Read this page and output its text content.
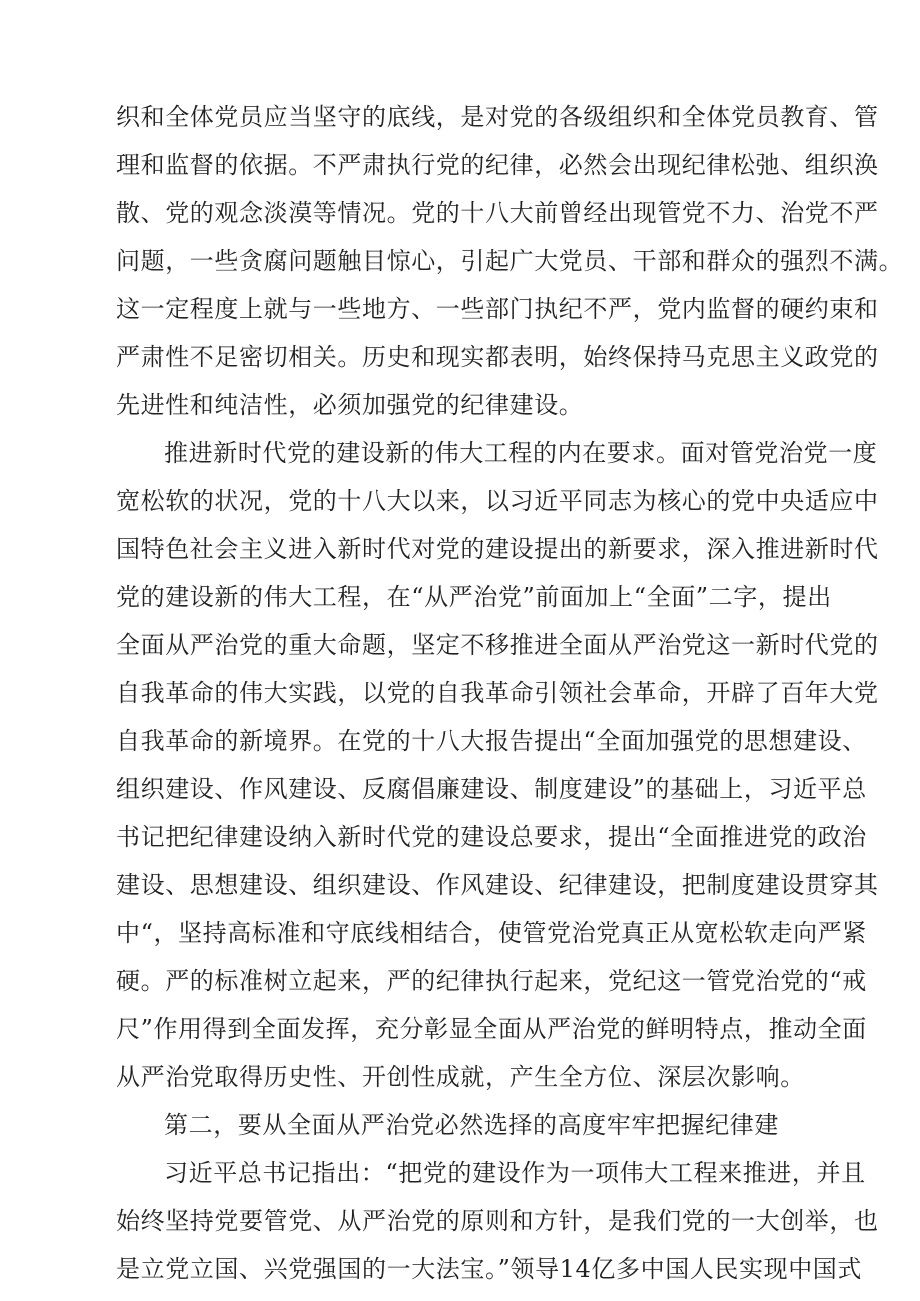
织和全体党员应当坚守的底线，是对党的各级组织和全体党员教育、管
理和监督的依据。不严肃执行党的纪律，必然会出现纪律松弛、组织涣
散、党的观念淡漠等情况。党的十八大前曾经出现管党不力、治党不严
问题，一些贪腐问题触目惊心，引起广大党员、干部和群众的强烈不满。
这一定程度上就与一些地方、一些部门执纪不严，党内监督的硬约束和
严肃性不足密切相关。历史和现实都表明，始终保持马克思主义政党的
先进性和纯洁性，必须加强党的纪律建设。
推进新时代党的建设新的伟大工程的内在要求。面对管党治党一度
宽松软的状况，党的十八大以来，以习近平同志为核心的党中央适应中
国特色社会主义进入新时代对党的建设提出的新要求，深入推进新时代
党的建设新的伟大工程，在“从严治党”前面加上“全面”二字，提出
全面从严治党的重大命题，坚定不移推进全面从严治党这一新时代党的
自我革命的伟大实践，以党的自我革命引领社会革命，开辟了百年大党
自我革命的新境界。在党的十八大报告提出“全面加强党的思想建设、
组织建设、作风建设、反腐倡廉建设、制度建设”的基础上，习近平总
书记把纪律建设纳入新时代党的建设总要求，提出“全面推进党的政治
建设、思想建设、组织建设、作风建设、纪律建设，把制度建设贯穿其
中“，坚持高标准和守底线相结合，使管党治党真正从宽松软走向严紧
硬。严的标准树立起来，严的纪律执行起来，党纪这一管党治党的“戒
尺”作用得到全面发挥，充分彰显全面从严治党的鲜明特点，推动全面
从严治党取得历史性、开创性成就，产生全方位、深层次影响。
第二，要从全面从严治党必然选择的高度牢牢把握纪律建
习近平总书记指出：“把党的建设作为一项伟大工程来推进，并且
始终坚持党要管党、从严治党的原则和方针，是我们党的一大创举，也
是立党立国、兴党强国的一大法宝。”领导14亿多中国人民实现中国式
